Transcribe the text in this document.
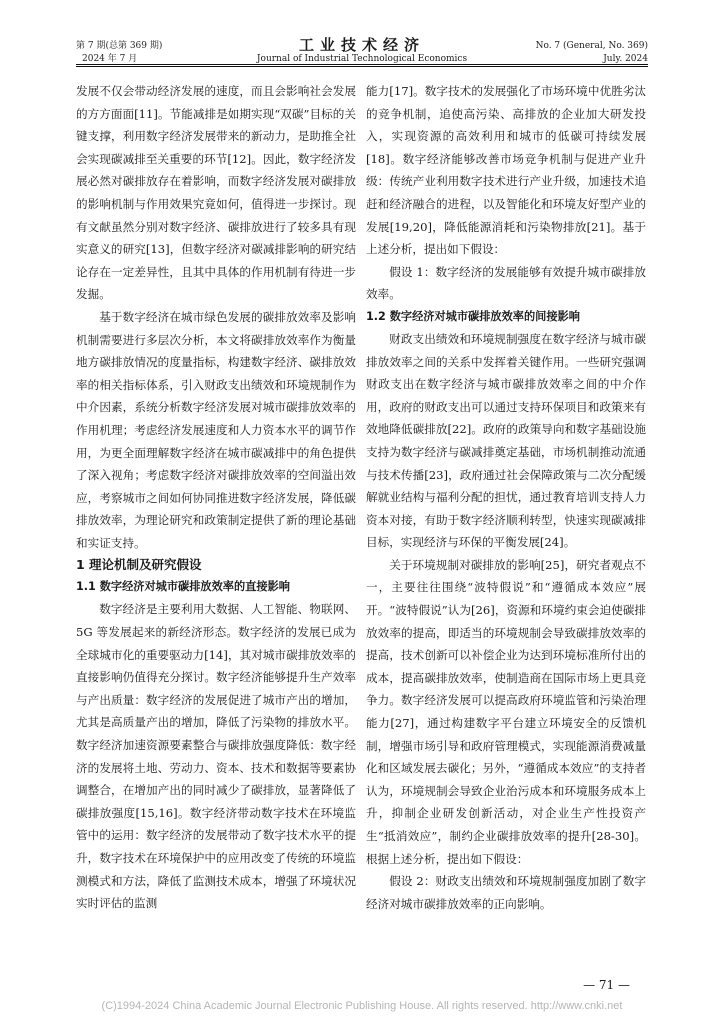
第 7 期(总第 369 期)
2024 年 7 月
工业技术经济
Journal of Industrial Technological Economics
No. 7 (General, No. 369)
July. 2024

发展不仅会带动经济发展的速度，而且会影响社会发展的方方面面[11]。节能减排是如期实现“双碳”目标的关键支撑，利用数字经济发展带来的新动力，是助推全社会实现碳减排至关重要的环节[12]。因此，数字经济发展必然对碳排放存在着影响，而数字经济发展对碳排放的影响机制与作用效果究竟如何，值得进一步探讨。现有文献虽然分别对数字经济、碳排放进行了较多具有现实意义的研究[13]，但数字经济对碳减排影响的研究结论存在一定差异性，且其中具体的作用机制有待进一步发掘。

基于数字经济在城市绿色发展的碳排放效率及影响机制需要进行多层次分析，本文将碳排放效率作为衡量地方碳排放情况的度量指标，构建数字经济、碳排放效率的相关指标体系，引入财政支出绩效和环境规制作为中介因素，系统分析数字经济发展对城市碳排放效率的作用机理；考虑经济发展速度和人力资本水平的调节作用，为更全面理解数字经济在城市碳减排中的角色提供了深入视角；考虑数字经济对碳排放效率的空间溢出效应，考察城市之间如何协同推进数字经济发展，降低碳排放效率，为理论研究和政策制定提供了新的理论基础和实证支持。

1 理论机制及研究假设

1.1 数字经济对城市碳排放效率的直接影响

数字经济是主要利用大数据、人工智能、物联网、5G 等发展起来的新经济形态。数字经济的发展已成为全球城市化的重要驱动力[14]，其对城市碳排放效率的直接影响仍值得充分探讨。数字经济能够提升生产效率与产出质量：数字经济的发展促进了城市产出的增加，尤其是高质量产出的增加，降低了污染物的排放水平。数字经济加速资源要素整合与碳排放强度降低：数字经济的发展将土地、劳动力、资本、技术和数据等要素协调整合，在增加产出的同时减少了碳排放，显著降低了碳排放强度[15,16]。数字经济带动数字技术在环境监管中的运用：数字经济的发展带动了数字技术水平的提升，数字技术在环境保护中的应用改变了传统的环境监测模式和方法，降低了监测技术成本，增强了环境状况实时评估的监测

能力[17]。数字技术的发展强化了市场环境中优胜劣汰的竞争机制，追使高污染、高排放的企业加大研发投入，实现资源的高效利用和城市的低碳可持续发展[18]。数字经济能够改善市场竞争机制与促进产业升级：传统产业利用数字技术进行产业升级，加速技术追赶和经济融合的进程，以及智能化和环境友好型产业的发展[19,20]，降低能源消耗和污染物排放[21]。基于上述分析，提出如下假设：

假设 1：数字经济的发展能够有效提升城市碳排放效率。

1.2 数字经济对城市碳排放效率的间接影响

财政支出绩效和环境规制强度在数字经济与城市碳排放效率之间的关系中发挥着关键作用。一些研究强调财政支出在数字经济与城市碳排放效率之间的中介作用，政府的财政支出可以通过支持环保项目和政策来有效地降低碳排放[22]。政府的政策导向和数字基础设施支持为数字经济与碳减排奠定基础，市场机制推动流通与技术传播[23]，政府通过社会保障政策与二次分配缓解就业结构与福利分配的担忧，通过教育培训支持人力资本对接，有助于数字经济顺利转型，快速实现碳减排目标，实现经济与环保的平衡发展[24]。

关于环境规制对碳排放的影响[25]，研究者观点不一，主要往往围绕“波特假说”和“遵循成本效应”展开。“波特假说”认为[26]，资源和环境约束会迫使碳排放效率的提高，即适当的环境规制会导致碳排放效率的提高，技术创新可以补偿企业为达到环境标准所付出的成本，提高碳排放效率，使制造商在国际市场上更具竞争力。数字经济发展可以提高政府环境监管和污染治理能力[27]，通过构建数字平台建立环境安全的反馈机制，增强市场引导和政府管理模式，实现能源消费减量化和区域发展去碳化；另外，“遵循成本效应”的支持者认为，环境规制会导致企业治污成本和环境服务成本上升，抑制企业研发创新活动，对企业生产性投资产生“抵消效应”，制约企业碳排放效率的提升[28-30]。根据上述分析，提出如下假设：

假设 2：财政支出绩效和环境规制强度加剧了数字经济对城市碳排放效率的正向影响。

— 71 —
(C)1994-2024 China Academic Journal Electronic Publishing House. All rights reserved. http://www.cnki.net
